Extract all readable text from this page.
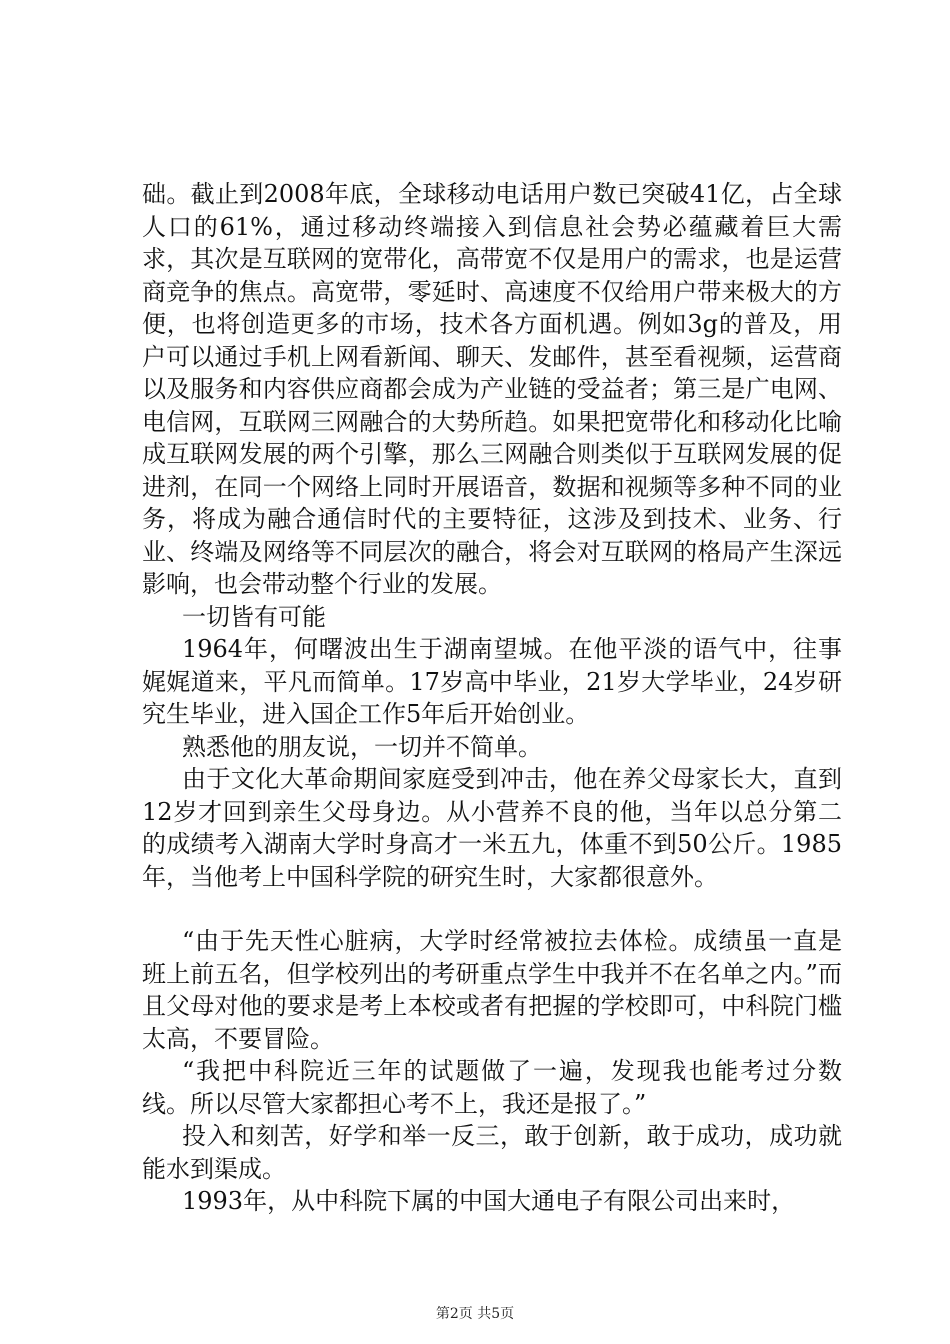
础。截止到2008年底，全球移动电话用户数已突破41亿，占全球人口的61%，通过移动终端接入到信息社会势必蕴藏着巨大需求，其次是互联网的宽带化，高带宽不仅是用户的需求，也是运营商竞争的焦点。高宽带，零延时、高速度不仅给用户带来极大的方便，也将创造更多的市场，技术各方面机遇。例如3g的普及，用户可以通过手机上网看新闻、聊天、发邮件，甚至看视频，运营商以及服务和内容供应商都会成为产业链的受益者；第三是广电网、电信网，互联网三网融合的大势所趋。如果把宽带化和移动化比喻成互联网发展的两个引擎，那么三网融合则类似于互联网发展的促进剂，在同一个网络上同时开展语音，数据和视频等多种不同的业务，将成为融合通信时代的主要特征，这涉及到技术、业务、行业、终端及网络等不同层次的融合，将会对互联网的格局产生深远影响，也会带动整个行业的发展。

一切皆有可能

1964年，何曙波出生于湖南望城。在他平淡的语气中，往事娓娓道来，平凡而简单。17岁高中毕业，21岁大学毕业，24岁研究生毕业，进入国企工作5年后开始创业。

熟悉他的朋友说，一切并不简单。

由于文化大革命期间家庭受到冲击，他在养父母家长大，直到12岁才回到亲生父母身边。从小营养不良的他，当年以总分第二的成绩考入湖南大学时身高才一米五九，体重不到50公斤。1985年，当他考上中国科学院的研究生时，大家都很意外。

“由于先天性心脏病，大学时经常被拉去体检。成绩虽一直是班上前五名，但学校列出的考研重点学生中我并不在名单之内。”而且父母对他的要求是考上本校或者有把握的学校即可，中科院门槛太高，不要冒险。

“我把中科院近三年的试题做了一遍，发现我也能考过分数线。所以尽管大家都担心考不上，我还是报了。”

投入和刻苦，好学和举一反三，敢于创新，敢于成功，成功就能水到渠成。

1993年，从中科院下属的中国大通电子有限公司出来时，

第2页 共5页
